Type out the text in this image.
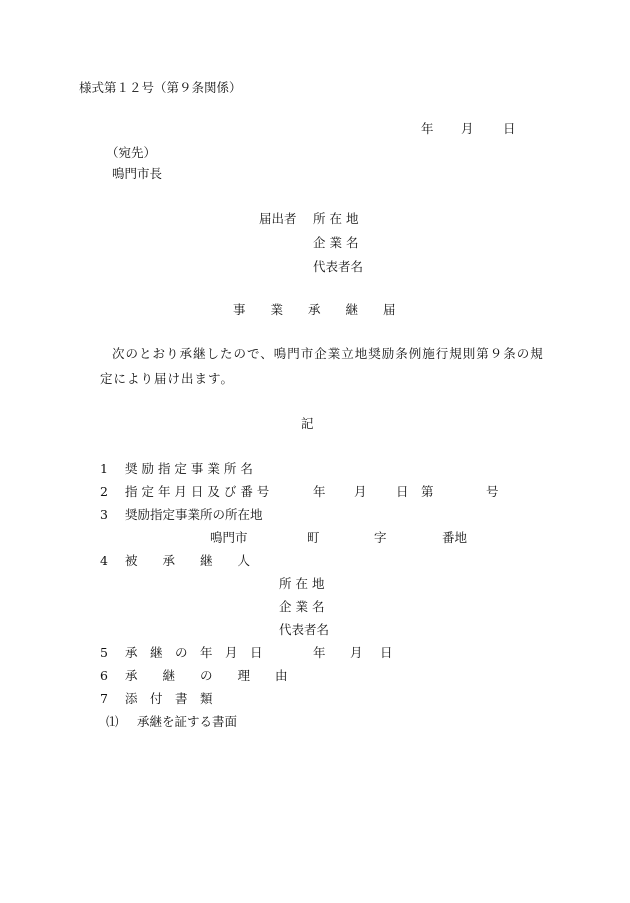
様式第１２号（第９条関係）
年 月 日
（宛先）
鳴門市長
届出者 所 在 地
企 業 名
代表者名
事　　業　　承　　継　　届
次のとおり承継したので、鳴門市企業立地奨励条例施行規則第９条の規
定により届け出ます。
記
1 奨 励 指 定 事 業 所 名
2 指 定 年 月 日 及 び 番 号	年 月 日 第	号
3 奨励指定事業所の所在地
鳴門市	町	字	番地
4 被　　承　　継　　人
所 在 地
企 業 名
代表者名
5 承　継　の　年　月　日	年 月 日
6 承　　継　　の　　理　　由
7 添　付　書　類
⑴ 承継を証する書面
